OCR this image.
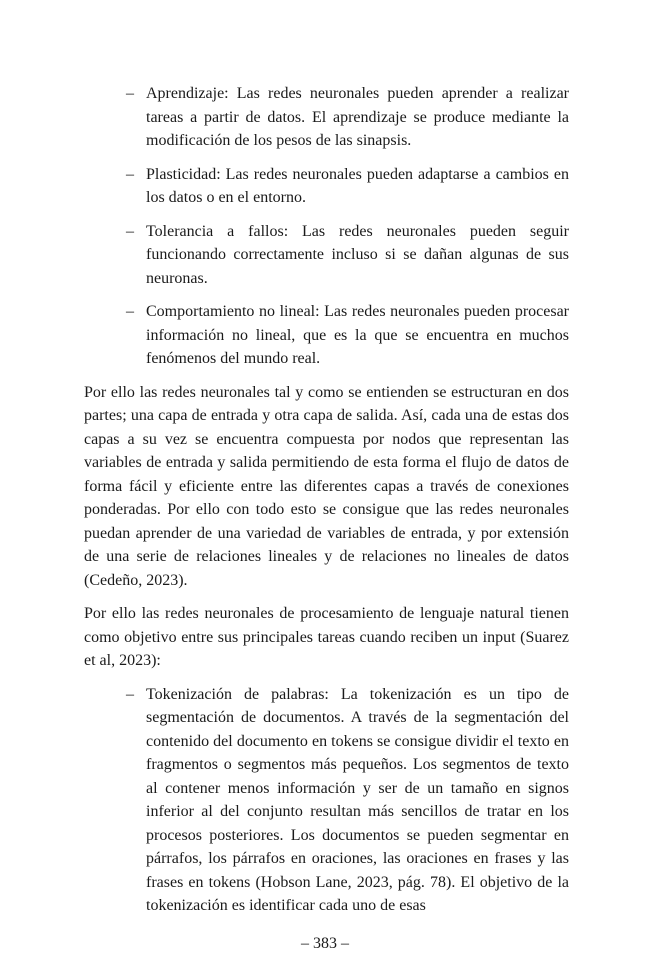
– Aprendizaje: Las redes neuronales pueden aprender a realizar tareas a partir de datos. El aprendizaje se produce mediante la modificación de los pesos de las sinapsis.
– Plasticidad: Las redes neuronales pueden adaptarse a cambios en los datos o en el entorno.
– Tolerancia a fallos: Las redes neuronales pueden seguir funcionando correctamente incluso si se dañan algunas de sus neuronas.
– Comportamiento no lineal: Las redes neuronales pueden procesar información no lineal, que es la que se encuentra en muchos fenómenos del mundo real.

Por ello las redes neuronales tal y como se entienden se estructuran en dos partes; una capa de entrada y otra capa de salida. Así, cada una de estas dos capas a su vez se encuentra compuesta por nodos que representan las variables de entrada y salida permitiendo de esta forma el flujo de datos de forma fácil y eficiente entre las diferentes capas a través de conexiones ponderadas. Por ello con todo esto se consigue que las redes neuronales puedan aprender de una variedad de variables de entrada, y por extensión de una serie de relaciones lineales y de relaciones no lineales de datos (Cedeño, 2023).

Por ello las redes neuronales de procesamiento de lenguaje natural tienen como objetivo entre sus principales tareas cuando reciben un input (Suarez et al, 2023):

– Tokenización de palabras: La tokenización es un tipo de segmentación de documentos. A través de la segmentación del contenido del documento en tokens se consigue dividir el texto en fragmentos o segmentos más pequeños. Los segmentos de texto al contener menos información y ser de un tamaño en signos inferior al del conjunto resultan más sencillos de tratar en los procesos posteriores. Los documentos se pueden segmentar en párrafos, los párrafos en oraciones, las oraciones en frases y las frases en tokens (Hobson Lane, 2023, pág. 78). El objetivo de la tokenización es identificar cada uno de esas
– 383 –
